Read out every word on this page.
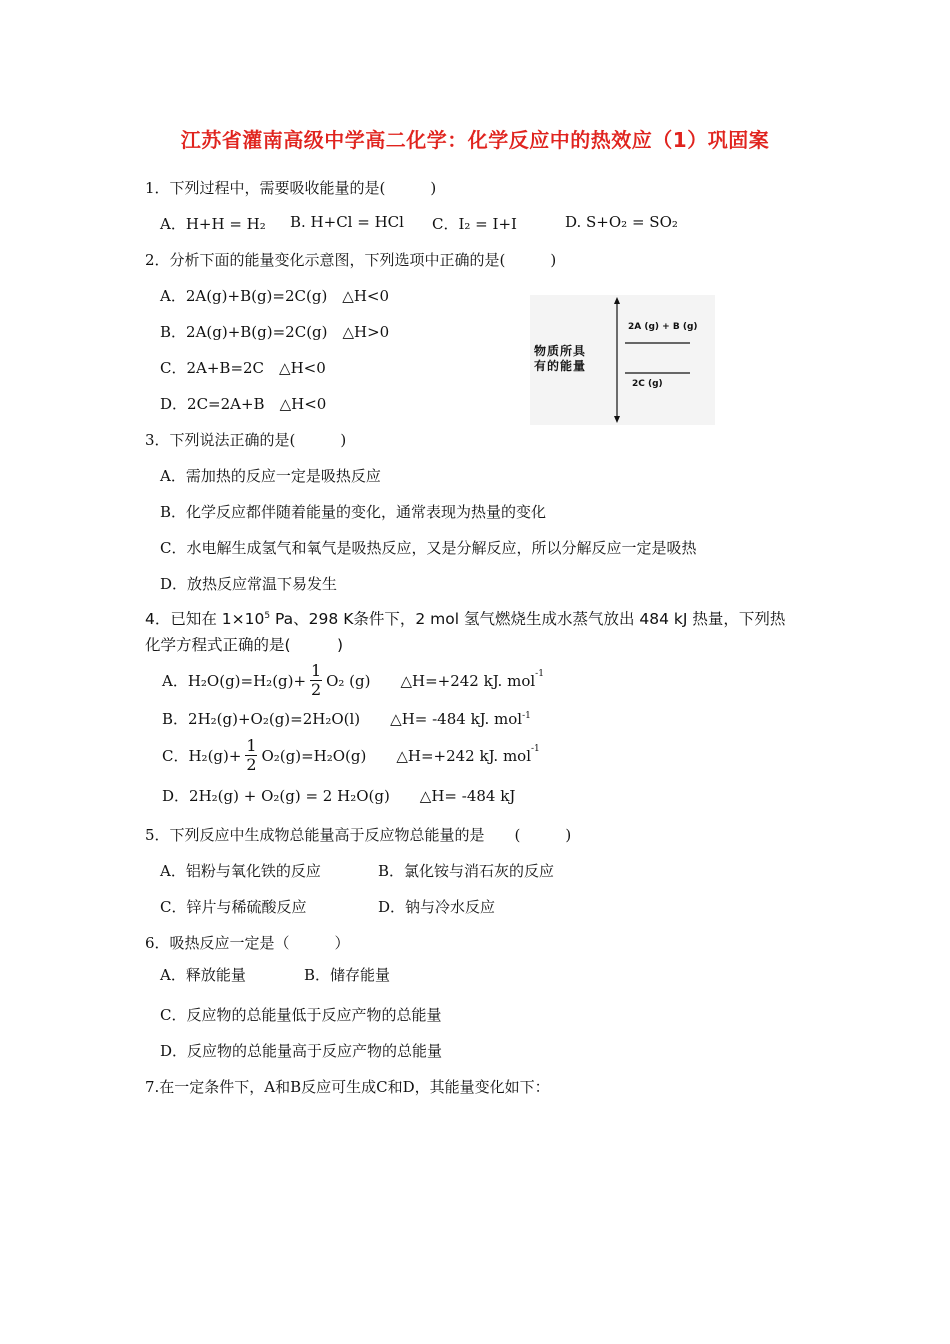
江苏省灌南高级中学高二化学：化学反应中的热效应（1）巩固案
1．下列过程中，需要吸收能量的是(　　　)
A．H+H = H₂ B. H+Cl = HCl C．I₂ = I+I	D. S+O₂ = SO₂
2．分析下面的能量变化示意图，下列选项中正确的是(　　　)
A．2A(g)+B(g)=2C(g)　△H<0
B．2A(g)+B(g)=2C(g)　△H>0
C．2A+B=2C　△H<0
D．2C=2A+B　△H<0
物质所具
有的能量
2A (g) + B (g)
2C (g)
3．下列说法正确的是(　　　)
A．需加热的反应一定是吸热反应
B．化学反应都伴随着能量的变化，通常表现为热量的变化
C．水电解生成氢气和氧气是吸热反应，又是分解反应，所以分解反应一定是吸热
D．放热反应常温下易发生
4．已知在 $1\times 10^5$ Pa、298 K条件下，2 mol 氢气燃烧生成水蒸气放出 484 kJ 热量，下列热
化学方程式正确的是(　　　)
A．$H_2O(g)=H_2(g)+ \frac{1}{2} O_2$ (g)　　△H=+242 kJ. mol$^{-1}$
B．2H₂(g)+O₂(g)=2H₂O(l)　　△H= -484 kJ. mol$^{-1}$
C．$H_2(g)+ \frac{1}{2} O_2(g)=H_2O(g)$　　△H=+242 kJ. mol$^{-1}$
D．2H₂(g) + O₂(g) = 2 H₂O(g)　　△H= -484 kJ
5．下列反应中生成物总能量高于反应物总能量的是　　(　　　)
A．铝粉与氧化铁的反应	B．氯化铵与消石灰的反应
C．锌片与稀硫酸反应	D．钠与冷水反应
6．吸热反应一定是（　　　）
A．释放能量	B．储存能量
C．反应物的总能量低于反应产物的总能量
D．反应物的总能量高于反应产物的总能量
7.在一定条件下，A和B反应可生成C和D，其能量变化如下：
